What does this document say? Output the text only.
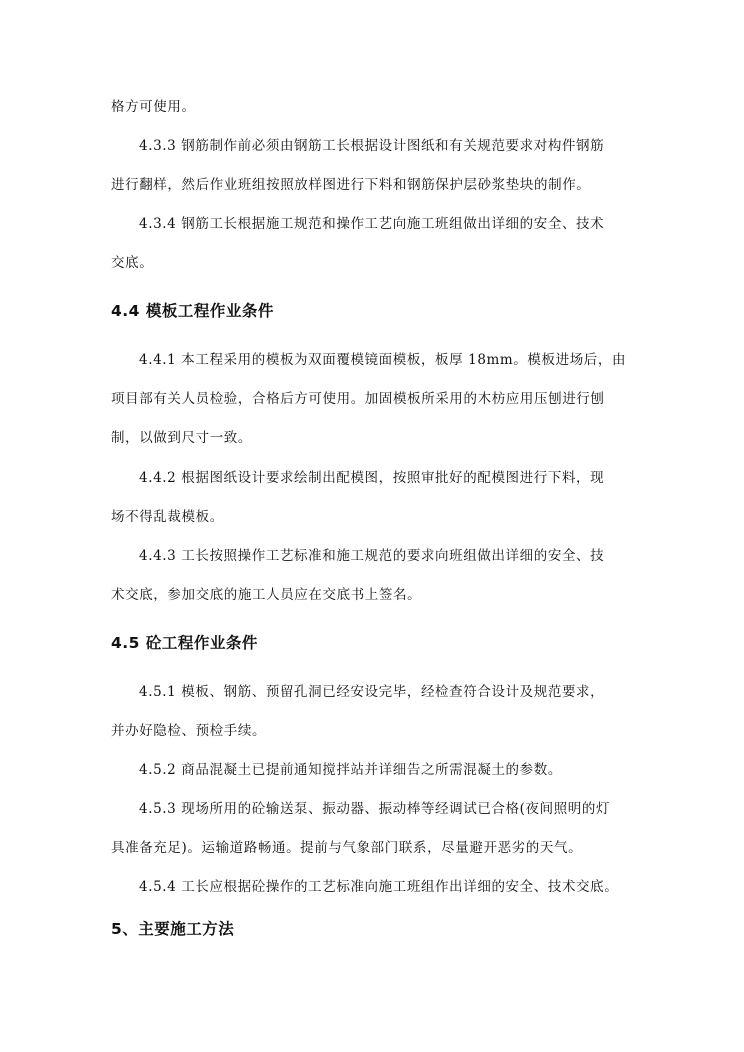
格方可使用。
4.3.3 钢筋制作前必须由钢筋工长根据设计图纸和有关规范要求对构件钢筋
进行翻样，然后作业班组按照放样图进行下料和钢筋保护层砂浆垫块的制作。
4.3.4 钢筋工长根据施工规范和操作工艺向施工班组做出详细的安全、技术
交底。
4.4 模板工程作业条件
4.4.1 本工程采用的模板为双面覆模镜面模板，板厚 18mm。模板进场后，由
项目部有关人员检验，合格后方可使用。加固模板所采用的木枋应用压刨进行刨
制，以做到尺寸一致。
4.4.2 根据图纸设计要求绘制出配模图，按照审批好的配模图进行下料，现
场不得乱裁模板。
4.4.3 工长按照操作工艺标准和施工规范的要求向班组做出详细的安全、技
术交底，参加交底的施工人员应在交底书上签名。
4.5 砼工程作业条件
4.5.1 模板、钢筋、预留孔洞已经安设完毕，经检查符合设计及规范要求，
并办好隐检、预检手续。
4.5.2 商品混凝土已提前通知搅拌站并详细告之所需混凝土的参数。
4.5.3 现场所用的砼输送泵、振动器、振动棒等经调试已合格(夜间照明的灯
具准备充足)。运输道路畅通。提前与气象部门联系，尽量避开恶劣的天气。
4.5.4 工长应根据砼操作的工艺标准向施工班组作出详细的安全、技术交底。
5、主要施工方法
